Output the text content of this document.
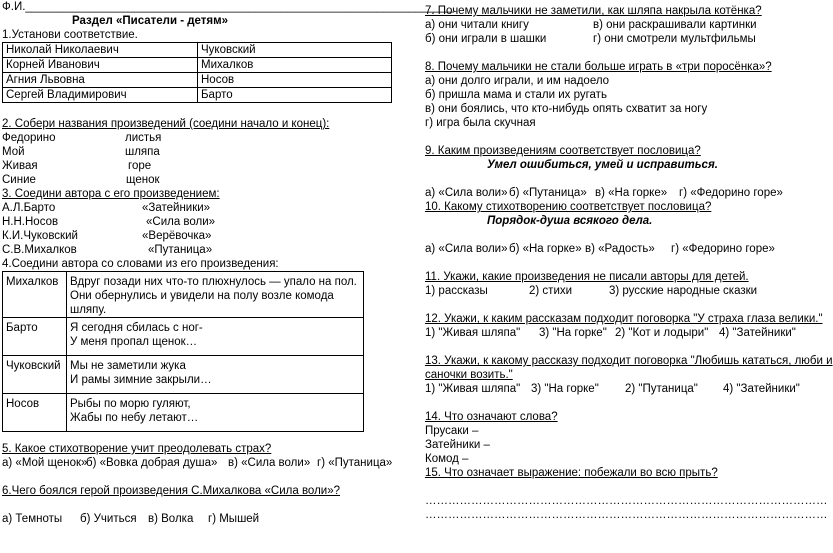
Ф.И.___________________________________________________________________
Раздел «Писатели - детям»
1.Установи соответствие.
Николай Николаевич	Чуковский
Корней Иванович	Михалков
Агния Львовна	Носов
Сергей Владимирович	Барто
2. Собери названия произведений (соедини начало и конец):
Федорино	листья
Мой	шляпа
Живая	горе
Синие	щенок
3. Соедини автора с его произведением:
А.Л.Барто	«Затейники»
Н.Н.Носов	«Сила воли»
К.И.Чуковский	«Верёвочка»
С.В.Михалков	«Путаница»
4.Соедини автора со словами из его произведения:
Михалков	Вдруг позади них что-то плюхнулось — упало на пол.
Они обернулись и увидели на полу возле комода шляпу.

Барто	Я сегодня сбилась с ног-
У меня пропал щенок…

Чуковский	Мы не заметили жука
И рамы зимние закрыли…

Носов	Рыбы по морю гуляют,
Жабы по небу летают…
5. Какое стихотворение учит преодолевать страх?
а) «Мой щенок»б) «Вовка добрая душа» в) «Сила воли» г) «Путаница»
6.Чего боялся герой произведения С.Михалкова «Сила воли»?
а) Темноты б) Учиться в) Волка г) Мышей
7. Почему мальчики не заметили, как шляпа накрыла котёнка?
а) они читали книгу	в) они раскрашивали картинки
б) они играли в шашки	г) они смотрели мультфильмы
8. Почему мальчики не стали больше играть в «три поросёнка»?
а) они долго играли, и им надоело
б) пришла мама и стали их ругать
в) они боялись, что кто-нибудь опять схватит за ногу
г) игра была скучная
9. Каким произведениям соответствует пословица?
Умел ошибиться, умей и исправиться.
а) «Сила воли» б) «Путаница» в) «На горке» г) «Федорино горе»
10. Какому стихотворению соответствует пословица?
Порядок-душа всякого дела.
а) «Сила воли» б) «На горке» в) «Радость» г) «Федорино горе»
11. Укажи, какие произведения не писали авторы для детей.
1) рассказы	2) стихи	3) русские народные сказки
12. Укажи, к каким рассказам подходит поговорка "У страха глаза велики."
1) "Живая шляпа" 3) "На горке" 2) "Кот и лодыри" 4) "Затейники"
13. Укажи, к какому рассказу подходит поговорка "Любишь кататься, люби и
саночки возить."
1) "Живая шляпа" 3) "На горке" 2) "Путаница" 4) "Затейники"
14. Что означают слова?
Прусаки –
Затейники –
Комод –
15. Что означает выражение: побежали во всю прыть?
……………………………………………………………………………………………
……………………………………………………………………………………………
